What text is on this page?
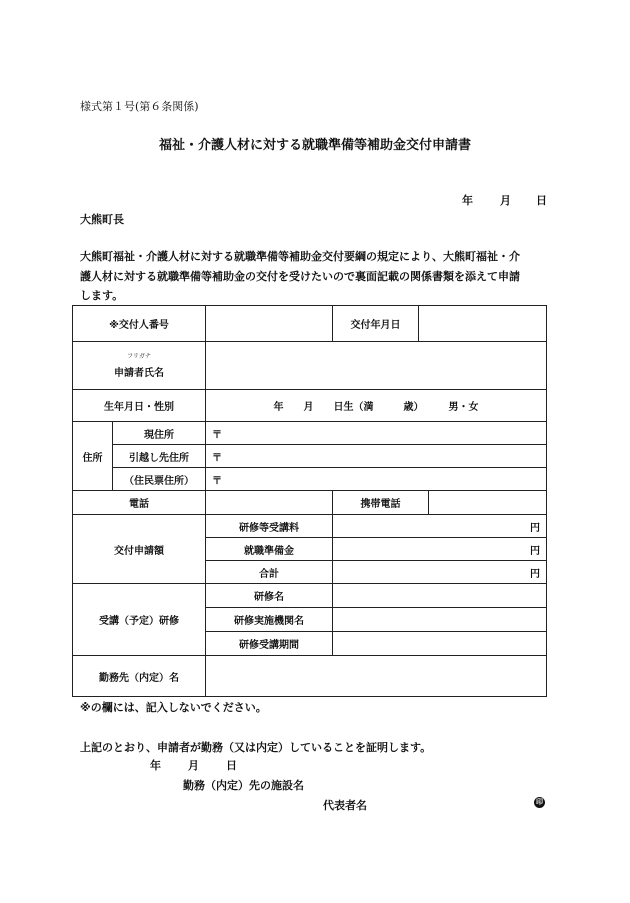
様式第１号(第６条関係)
福祉・介護人材に対する就職準備等補助金交付申請書
年 月 日
大熊町長
大熊町福祉・介護人材に対する就職準備等補助金交付要綱の規定により、大熊町福祉・介
護人材に対する就職準備等補助金の交付を受けたいので裏面記載の関係書類を添えて申請
します。
※交付人番号			交付年月日		

フリガナ
申請者氏名					
生年月日・性別		年　　月　　日生（満　　　歳）　　　男・女			
住所	現住所	〒			
	引越し先住所	〒			
	（住民票住所）	〒			
電話			携帯電話		
交付申請額		研修等受講料	円		
		就職準備金	円		
		合計	円		
受講（予定）研修		研修名			
		研修実施機関名			
		研修受講期間			
勤務先（内定）名					
※の欄には、記入しないでください。
上記のとおり、申請者が勤務（又は内定）していることを証明します。
年 月 日
勤務（内定）先の施設名
代表者名	印
